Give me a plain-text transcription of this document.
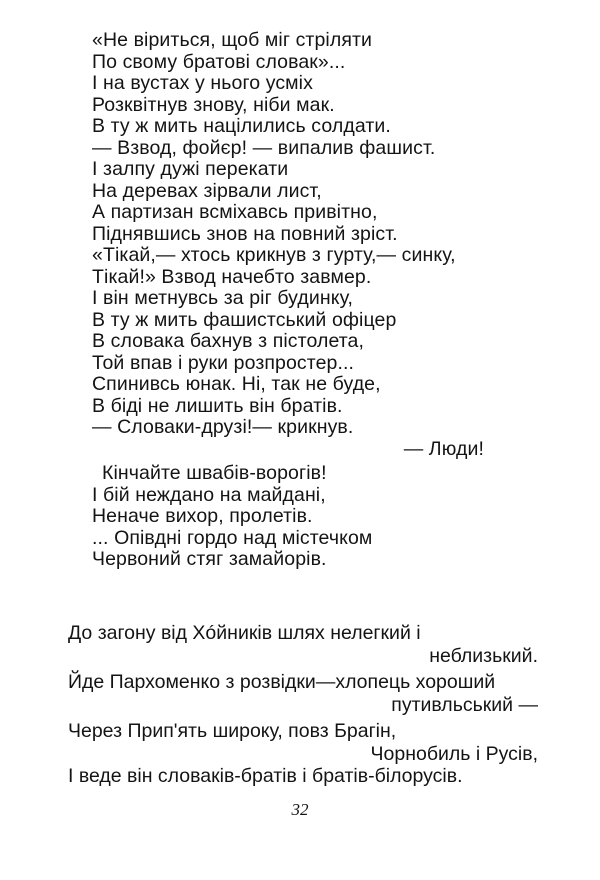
«Не віриться, щоб міг стріляти
По свому братові словак»...
І на вустах у нього усміх
Розквітнув знову, ніби мак.
В ту ж мить націлились солдати.
— Взвод, фойєр! — випалив фашист.
І залпу дужі перекати
На деревах зірвали лист,
А партизан всміхавсь привітно,
Піднявшись знов на повний зріст.
«Тікай,— хтось крикнув з гурту,— синку,
Тікай!» Взвод начебто завмер.
І він метнувсь за ріг будинку,
В ту ж мить фашистський офіцер
В словака бахнув з пістолета,
Той впав і руки розпростер...
Спинивсь юнак. Ні, так не буде,
В біді не лишить він братів.
— Словаки-друзі!— крикнув.
— Люди!
Кінчайте швабів-ворогів!
І бій неждано на майдані,
Неначе вихор, пролетів.
... Опівдні гордо над містечком
Червоний стяг замайорів.
До загону від Хóйників шлях нелегкий і
неблизький.
Йде Пархоменко з розвідки—хлопець хороший
путивльський —
Через Прип'ять широку, повз Брагін,
Чорнобиль і Русів,
І веде він словаків-братів і братів-білорусів.
32
